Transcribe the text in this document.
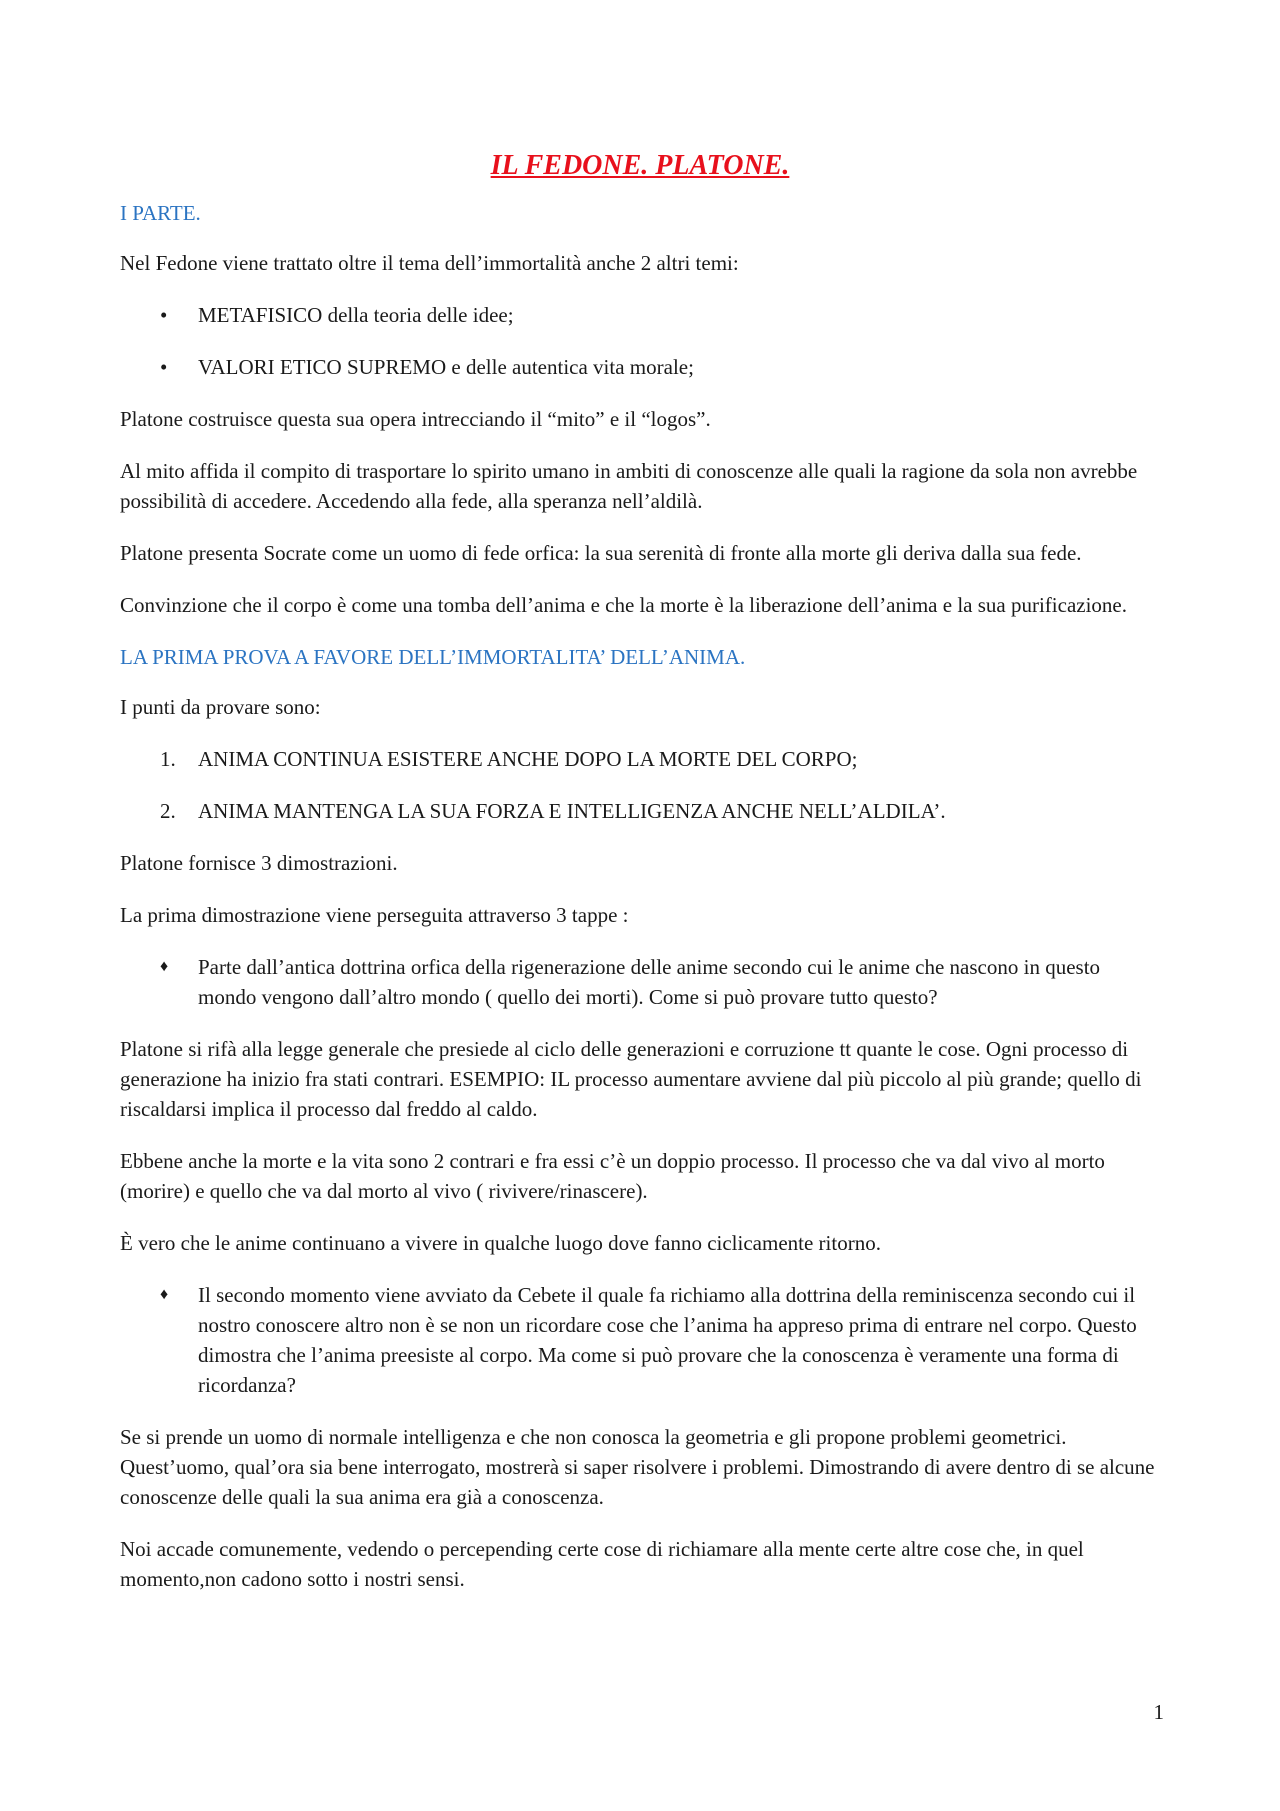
IL FEDONE. PLATONE.
I PARTE.

Nel Fedone viene trattato oltre il tema dell’immortalità anche 2 altri temi:

•	METAFISICO della teoria delle idee;
•	VALORI ETICO SUPREMO e delle autentica vita morale;

Platone costruisce questa sua opera intrecciando il “mito” e il “logos”.

Al mito affida il compito di trasportare lo spirito umano in ambiti di conoscenze alle quali la ragione da sola non avrebbe possibilità di accedere. Accedendo alla fede, alla speranza nell’aldilà.

Platone presenta Socrate come un uomo di fede orfica: la sua serenità di fronte alla morte gli deriva dalla sua fede.

Convinzione che il corpo è come una tomba dell’anima e che la morte è la liberazione dell’anima e la sua purificazione.

LA PRIMA PROVA A FAVORE DELL’IMMORTALITA’ DELL’ANIMA.

I punti da provare sono:

1.	ANIMA CONTINUA ESISTERE ANCHE DOPO LA MORTE DEL CORPO;
2.	ANIMA MANTENGA LA SUA FORZA E INTELLIGENZA ANCHE NELL’ALDILA’.

Platone fornisce 3 dimostrazioni.

La prima dimostrazione viene perseguita attraverso 3 tappe :

♦	Parte dall’antica dottrina orfica della rigenerazione delle anime secondo cui le anime che nascono in questo mondo vengono dall’altro mondo ( quello dei morti). Come si può provare tutto questo?

Platone si rifà alla legge generale che presiede al ciclo delle generazioni e corruzione tt quante le cose. Ogni processo di generazione ha inizio fra stati contrari. ESEMPIO: IL processo aumentare avviene dal più piccolo al più grande; quello di riscaldarsi implica il processo dal freddo al caldo.

Ebbene anche la morte e la vita sono 2 contrari e fra essi c’è un doppio processo. Il processo che va dal vivo al morto (morire) e quello che va dal morto al vivo ( rivivere/rinascere).

È vero che le anime continuano a vivere in qualche luogo dove fanno ciclicamente ritorno.

♦	Il secondo momento viene avviato da Cebete il quale fa richiamo alla dottrina della reminiscenza secondo cui il nostro conoscere altro non è se non un ricordare cose che l’anima ha appreso prima di entrare nel corpo. Questo dimostra che l’anima preesiste al corpo. Ma come si può provare che la conoscenza è veramente una forma di ricordanza?

Se si prende un uomo di normale intelligenza e che non conosca la geometria e gli propone problemi geometrici. Quest’uomo, qual’ora sia bene interrogato, mostrerà si saper risolvere i problemi. Dimostrando di avere dentro di se alcune conoscenze delle quali la sua anima era già a conoscenza.

Noi accade comunemente, vedendo o percepending certe cose di richiamare alla mente certe altre cose che, in quel momento,non cadono sotto i nostri sensi.

1
